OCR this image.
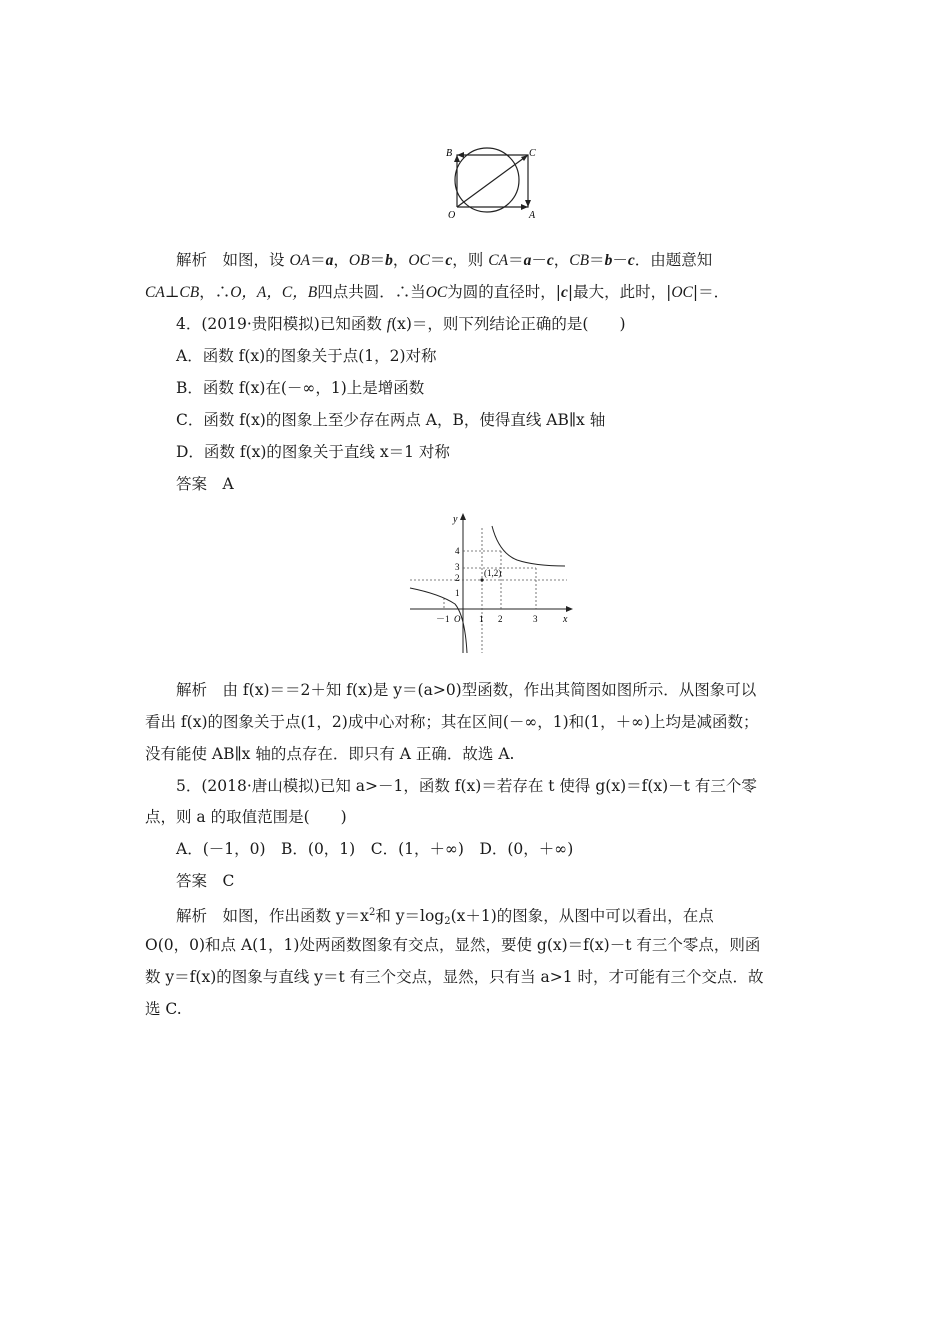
B	C
O	A
解析　如图，设 OA＝a，OB＝b，OC＝c，则 CA＝a－c，CB＝b－c．由题意知
CA⊥CB，∴O，A，C，B四点共圆．∴当OC为圆的直径时，|c|最大，此时，|OC|＝．
4．(2019·贵阳模拟)已知函数 f(x)＝，则下列结论正确的是(　　)
A．函数 f(x)的图象关于点(1，2)对称
B．函数 f(x)在(－∞，1)上是增函数
C．函数 f(x)的图象上至少存在两点 A，B，使得直线 AB∥x 轴
D．函数 f(x)的图象关于直线 x＝1 对称
答案　A
y
x
4
3
2
1
1 2	3
－1 O
(1,2)
解析　由 f(x)＝＝2＋知 f(x)是 y＝(a>0)型函数，作出其简图如图所示．从图象可以
看出 f(x)的图象关于点(1，2)成中心对称；其在区间(－∞，1)和(1，＋∞)上均是减函数；
没有能使 AB∥x 轴的点存在．即只有 A 正确．故选 A.
5．(2018·唐山模拟)已知 a>－1，函数 f(x)＝若存在 t 使得 g(x)＝f(x)－t 有三个零
点，则 a 的取值范围是(　　)
A．(－1，0)　B．(0，1)　C．(1，＋∞)　D．(0，＋∞)
答案　C
解析　如图，作出函数 $y=x^2$和 $y=\log_2(x+1)$的图象，从图中可以看出，在点
O(0，0)和点 A(1，1)处两函数图象有交点，显然，要使 g(x)＝f(x)－t 有三个零点，则函
数 y＝f(x)的图象与直线 y＝t 有三个交点，显然，只有当 a>1 时，才可能有三个交点．故
选 C.
